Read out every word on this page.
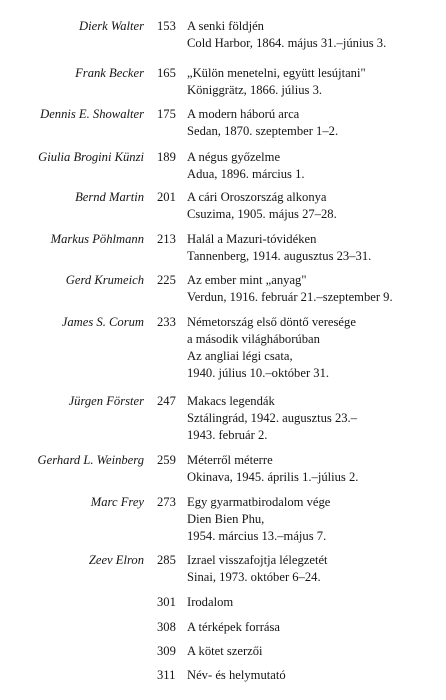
Dierk Walter 153 A senki földjén
Cold Harbor, 1864. május 31.–június 3.
Frank Becker 165 „Külön menetelni, együtt lesújtani"
Königgrätz, 1866. július 3.
Dennis E. Showalter 175 A modern háború arca
Sedan, 1870. szeptember 1–2.
Giulia Brogini Künzi 189 A négus győzelme
Adua, 1896. március 1.
Bernd Martin 201 A cári Oroszország alkonya
Csuzima, 1905. május 27–28.
Markus Pöhlmann 213 Halál a Mazuri-tóvidéken
Tannenberg, 1914. augusztus 23–31.
Gerd Krumeich 225 Az ember mint „anyag"
Verdun, 1916. február 21.–szeptember 9.
James S. Corum 233 Németország első döntő veresége
a második világháborúban
Az angliai légi csata,
1940. július 10.–október 31.
Jürgen Förster 247 Makacs legendák
Sztálingrád, 1942. augusztus 23.–
1943. február 2.
Gerhard L. Weinberg 259 Méterről méterre
Okinava, 1945. április 1.–július 2.
Marc Frey 273 Egy gyarmatbirodalom vége
Dien Bien Phu,
1954. március 13.–május 7.
Zeev Elron 285 Izrael visszafojtja lélegzetét
Sinai, 1973. október 6–24.
301 Irodalom
308 A térképek forrása
309 A kötet szerzői
311 Név- és helymutató
